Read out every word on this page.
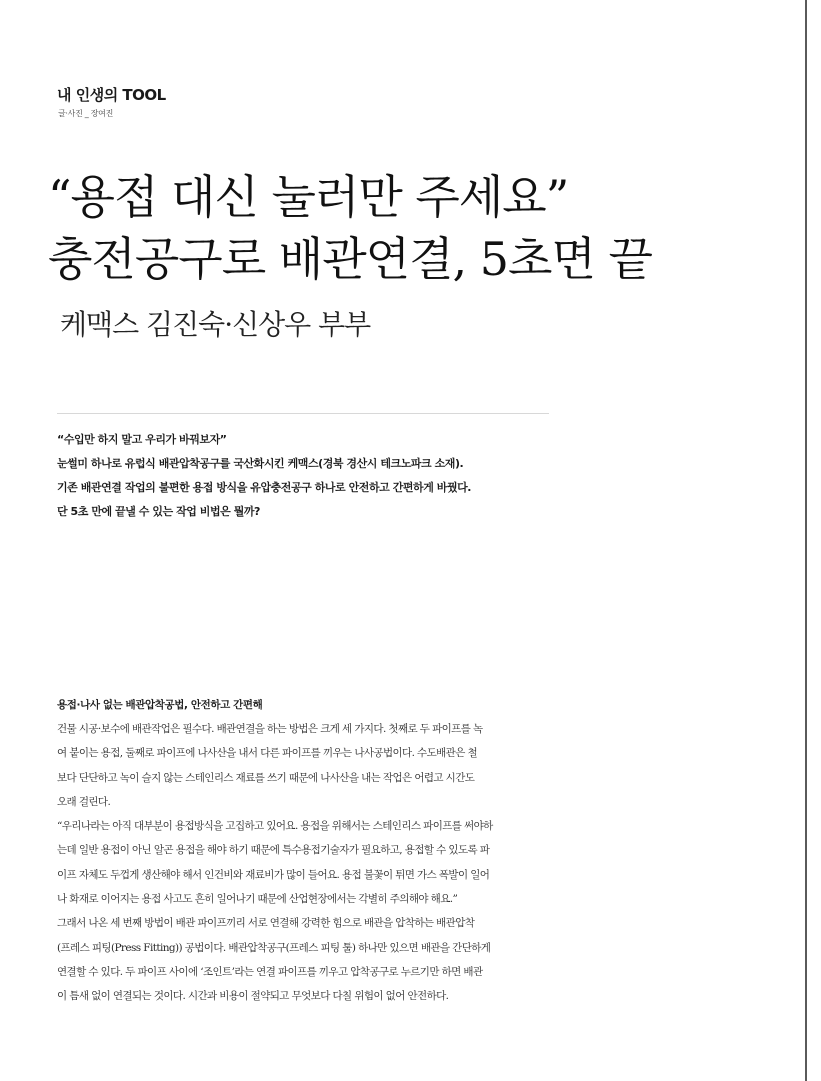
내 인생의 TOOL
글·사진 _ 장여진
“용접 대신 눌러만 주세요”
충전공구로 배관연결, 5초면 끝
케맥스 김진숙·신상우 부부
“수입만 하지 말고 우리가 바꿔보자”
눈썰미 하나로 유럽식 배관압착공구를 국산화시킨 케맥스(경북 경산시 테크노파크 소재).
기존 배관연결 작업의 불편한 용접 방식을 유압충전공구 하나로 안전하고 간편하게 바꿨다.
단 5초 만에 끝낼 수 있는 작업 비법은 뭘까?
용접·나사 없는 배관압착공법, 안전하고 간편해
건물 시공·보수에 배관작업은 필수다. 배관연결을 하는 방법은 크게 세 가지다. 첫째로 두 파이프를 녹
여 붙이는 용접, 둘째로 파이프에 나사산을 내서 다른 파이프를 끼우는 나사공법이다. 수도배관은 철
보다 단단하고 녹이 슬지 않는 스테인리스 재료를 쓰기 때문에 나사산을 내는 작업은 어렵고 시간도
오래 걸린다.
“우리나라는 아직 대부분이 용접방식을 고집하고 있어요. 용접을 위해서는 스테인리스 파이프를 써야하
는데 일반 용접이 아닌 알곤 용접을 해야 하기 때문에 특수용접기술자가 필요하고, 용접할 수 있도록 파
이프 자체도 두껍게 생산해야 해서 인건비와 재료비가 많이 들어요. 용접 불꽃이 튀면 가스 폭발이 일어
나 화재로 이어지는 용접 사고도 흔히 일어나기 때문에 산업현장에서는 각별히 주의해야 해요.”
그래서 나온 세 번째 방법이 배관 파이프끼리 서로 연결해 강력한 힘으로 배관을 압착하는 배관압착
(프레스 피팅(Press Fitting)) 공법이다. 배관압착공구(프레스 피팅 툴) 하나만 있으면 배관을 간단하게
연결할 수 있다. 두 파이프 사이에 ‘조인트’라는 연결 파이프를 끼우고 압착공구로 누르기만 하면 배관
이 틈새 없이 연결되는 것이다. 시간과 비용이 절약되고 무엇보다 다칠 위험이 없어 안전하다.
